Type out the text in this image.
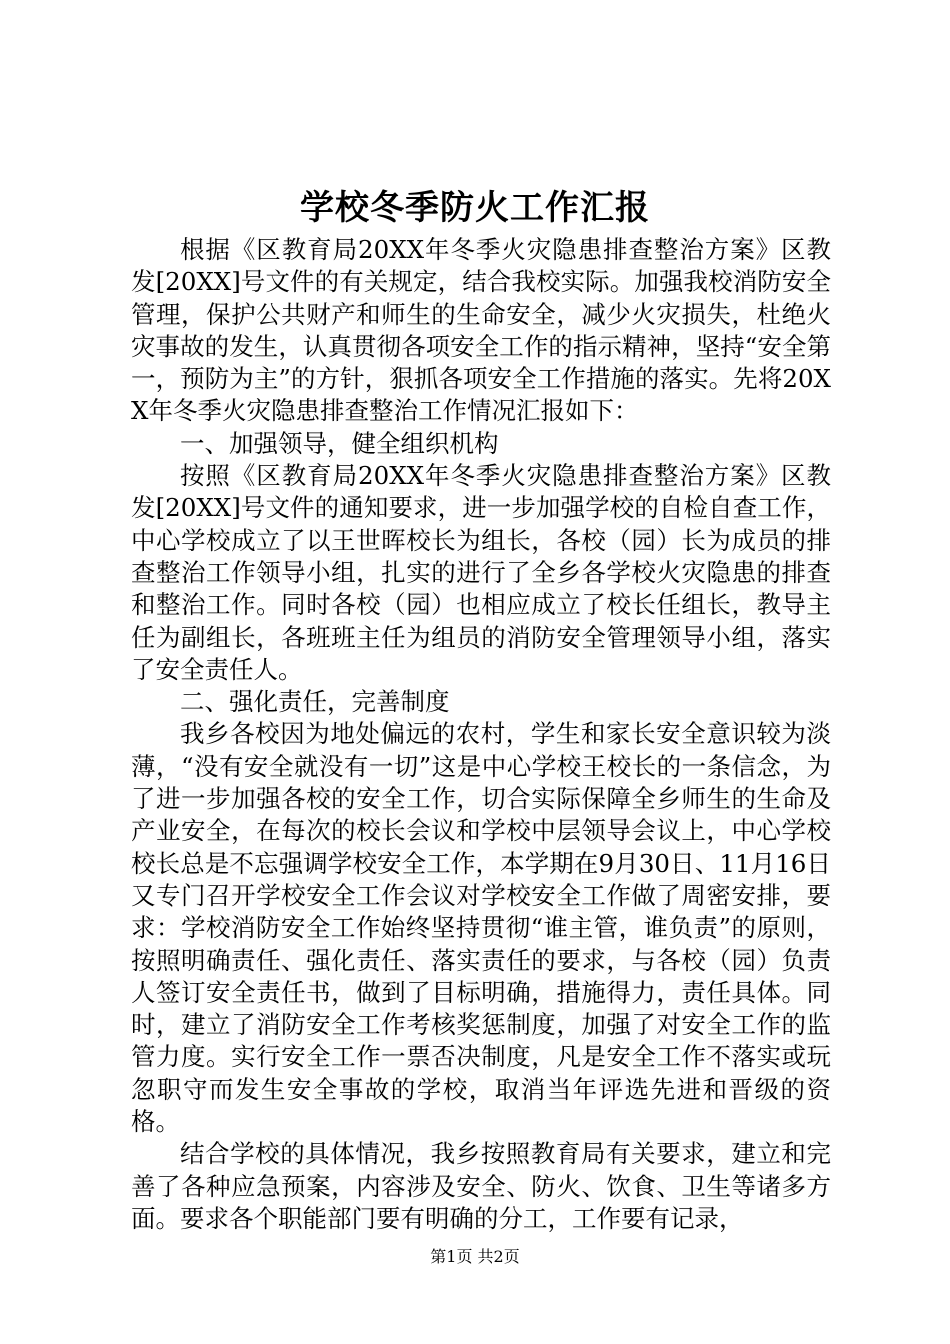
学校冬季防火工作汇报

根据《区教育局20XX年冬季火灾隐患排查整治方案》区教发[20XX]号文件的有关规定，结合我校实际。加强我校消防安全管理，保护公共财产和师生的生命安全，减少火灾损失，杜绝火灾事故的发生，认真贯彻各项安全工作的指示精神，坚持“安全第一，预防为主”的方针，狠抓各项安全工作措施的落实。先将20XX年冬季火灾隐患排查整治工作情况汇报如下：

一、加强领导，健全组织机构

按照《区教育局20XX年冬季火灾隐患排查整治方案》区教发[20XX]号文件的通知要求，进一步加强学校的自检自查工作，中心学校成立了以王世晖校长为组长，各校（园）长为成员的排查整治工作领导小组，扎实的进行了全乡各学校火灾隐患的排查和整治工作。同时各校（园）也相应成立了校长任组长，教导主任为副组长，各班班主任为组员的消防安全管理领导小组，落实了安全责任人。

二、强化责任，完善制度

我乡各校因为地处偏远的农村，学生和家长安全意识较为淡薄，“没有安全就没有一切”这是中心学校王校长的一条信念，为了进一步加强各校的安全工作，切合实际保障全乡师生的生命及产业安全，在每次的校长会议和学校中层领导会议上，中心学校校长总是不忘强调学校安全工作，本学期在9月30日、11月16日又专门召开学校安全工作会议对学校安全工作做了周密安排，要求：学校消防安全工作始终坚持贯彻“谁主管，谁负责”的原则，按照明确责任、强化责任、落实责任的要求，与各校（园）负责人签订安全责任书，做到了目标明确，措施得力，责任具体。同时，建立了消防安全工作考核奖惩制度，加强了对安全工作的监管力度。实行安全工作一票否决制度，凡是安全工作不落实或玩忽职守而发生安全事故的学校，取消当年评选先进和晋级的资格。

结合学校的具体情况，我乡按照教育局有关要求，建立和完善了各种应急预案，内容涉及安全、防火、饮食、卫生等诸多方面。要求各个职能部门要有明确的分工，工作要有记录，

第1页 共2页
